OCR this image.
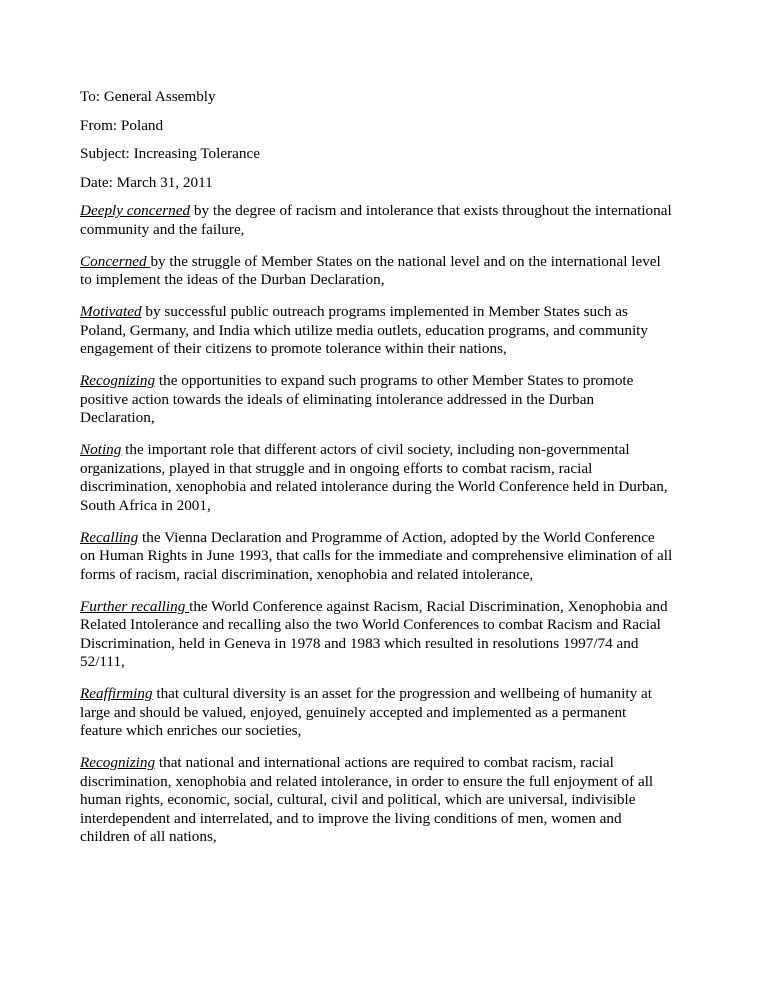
To: General Assembly
From: Poland
Subject: Increasing Tolerance
Date: March 31, 2011
Deeply concerned by the degree of racism and intolerance that exists throughout the international
community and the failure,
Concerned by the struggle of Member States on the national level and on the international level
to implement the ideas of the Durban Declaration,
Motivated by successful public outreach programs implemented in Member States such as
Poland, Germany, and India which utilize media outlets, education programs, and community
engagement of their citizens to promote tolerance within their nations,
Recognizing the opportunities to expand such programs to other Member States to promote
positive action towards the ideals of eliminating intolerance addressed in the Durban
Declaration,
Noting the important role that different actors of civil society, including non-governmental
organizations, played in that struggle and in ongoing efforts to combat racism, racial
discrimination, xenophobia and related intolerance during the World Conference held in Durban,
South Africa in 2001,
Recalling the Vienna Declaration and Programme of Action, adopted by the World Conference
on Human Rights in June 1993, that calls for the immediate and comprehensive elimination of all
forms of racism, racial discrimination, xenophobia and related intolerance,
Further recalling the World Conference against Racism, Racial Discrimination, Xenophobia and
Related Intolerance and recalling also the two World Conferences to combat Racism and Racial
Discrimination, held in Geneva in 1978 and 1983 which resulted in resolutions 1997/74 and
52/111,
Reaffirming that cultural diversity is an asset for the progression and wellbeing of humanity at
large and should be valued, enjoyed, genuinely accepted and implemented as a permanent
feature which enriches our societies,
Recognizing that national and international actions are required to combat racism, racial
discrimination, xenophobia and related intolerance, in order to ensure the full enjoyment of all
human rights, economic, social, cultural, civil and political, which are universal, indivisible
interdependent and interrelated, and to improve the living conditions of men, women and
children of all nations,
